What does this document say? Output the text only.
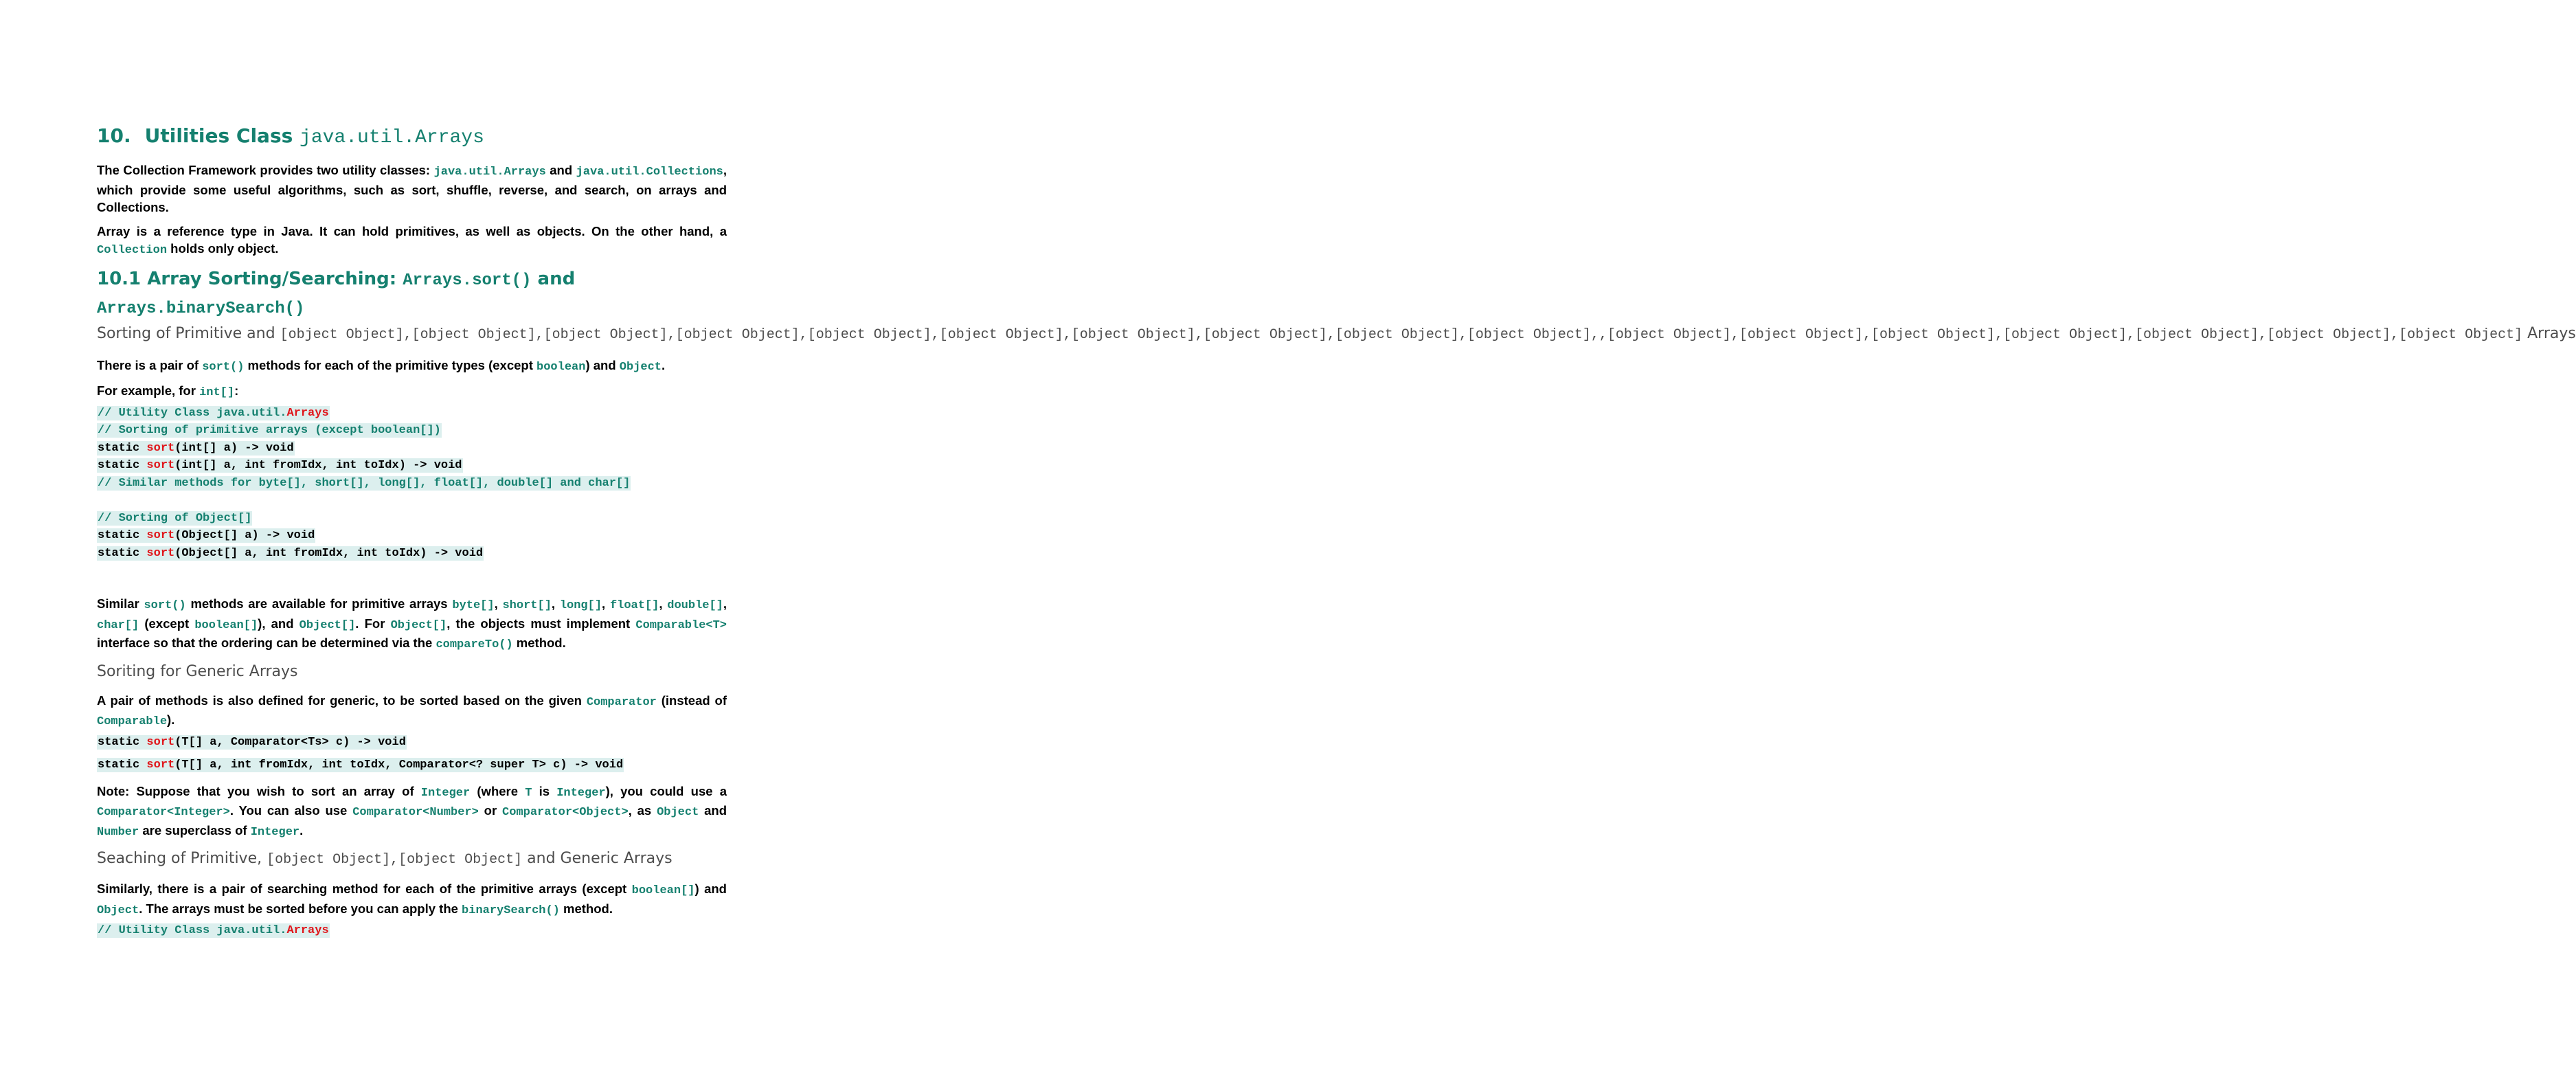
10. Utilities Class java.util.Arrays

The Collection Framework provides two utility classes: java.util.Arrays and java.util.Collections, which provide some useful algorithms, such as sort, shuffle, reverse, and search, on arrays and Collections.

Array is a reference type in Java. It can hold primitives, as well as objects. On the other hand, a Collection holds only object.

10.1 Array Sorting/Searching: Arrays.sort() and
Arrays.binarySearch()
Sorting of Primitive and [object Object],[object Object],[object Object],[object Object],[object Object],[object Object],[object Object],[object Object],[object Object],[object Object],,[object Object],[object Object],[object Object],[object Object],[object Object],[object Object],[object Object] Arrays

There is a pair of sort() methods for each of the primitive types (except boolean) and Object.

For example, for int[]:

// Utility Class java.util.Arrays
// Sorting of primitive arrays (except boolean[])
static sort(int[] a) -> void
static sort(int[] a, int fromIdx, int toIdx) -> void
// Similar methods for byte[], short[], long[], float[], double[] and char[]
// Sorting of Object[]
static sort(Object[] a) -> void
static sort(Object[] a, int fromIdx, int toIdx) -> void

Similar sort() methods are available for primitive arrays byte[], short[], long[], float[], double[], char[] (except boolean[]), and Object[]. For Object[], the objects must implement Comparable<T> interface so that the ordering can be determined via the compareTo() method.

Soriting for Generic Arrays

A pair of methods is also defined for generic, to be sorted based on the given Comparator (instead of Comparable).

static sort(T[] a, Comparator<Ts> c) -> void
static sort(T[] a, int fromIdx, int toIdx, Comparator<? super T> c) -> void

Note: Suppose that you wish to sort an array of Integer (where T is Integer), you could use a Comparator<Integer>. You can also use Comparator<Number> or Comparator<Object>, as Object and Number are superclass of Integer.

Seaching of Primitive, [object Object],[object Object] and Generic Arrays

Similarly, there is a pair of searching method for each of the primitive arrays (except boolean[]) and Object. The arrays must be sorted before you can apply the binarySearch() method.

// Utility Class java.util.Arrays
